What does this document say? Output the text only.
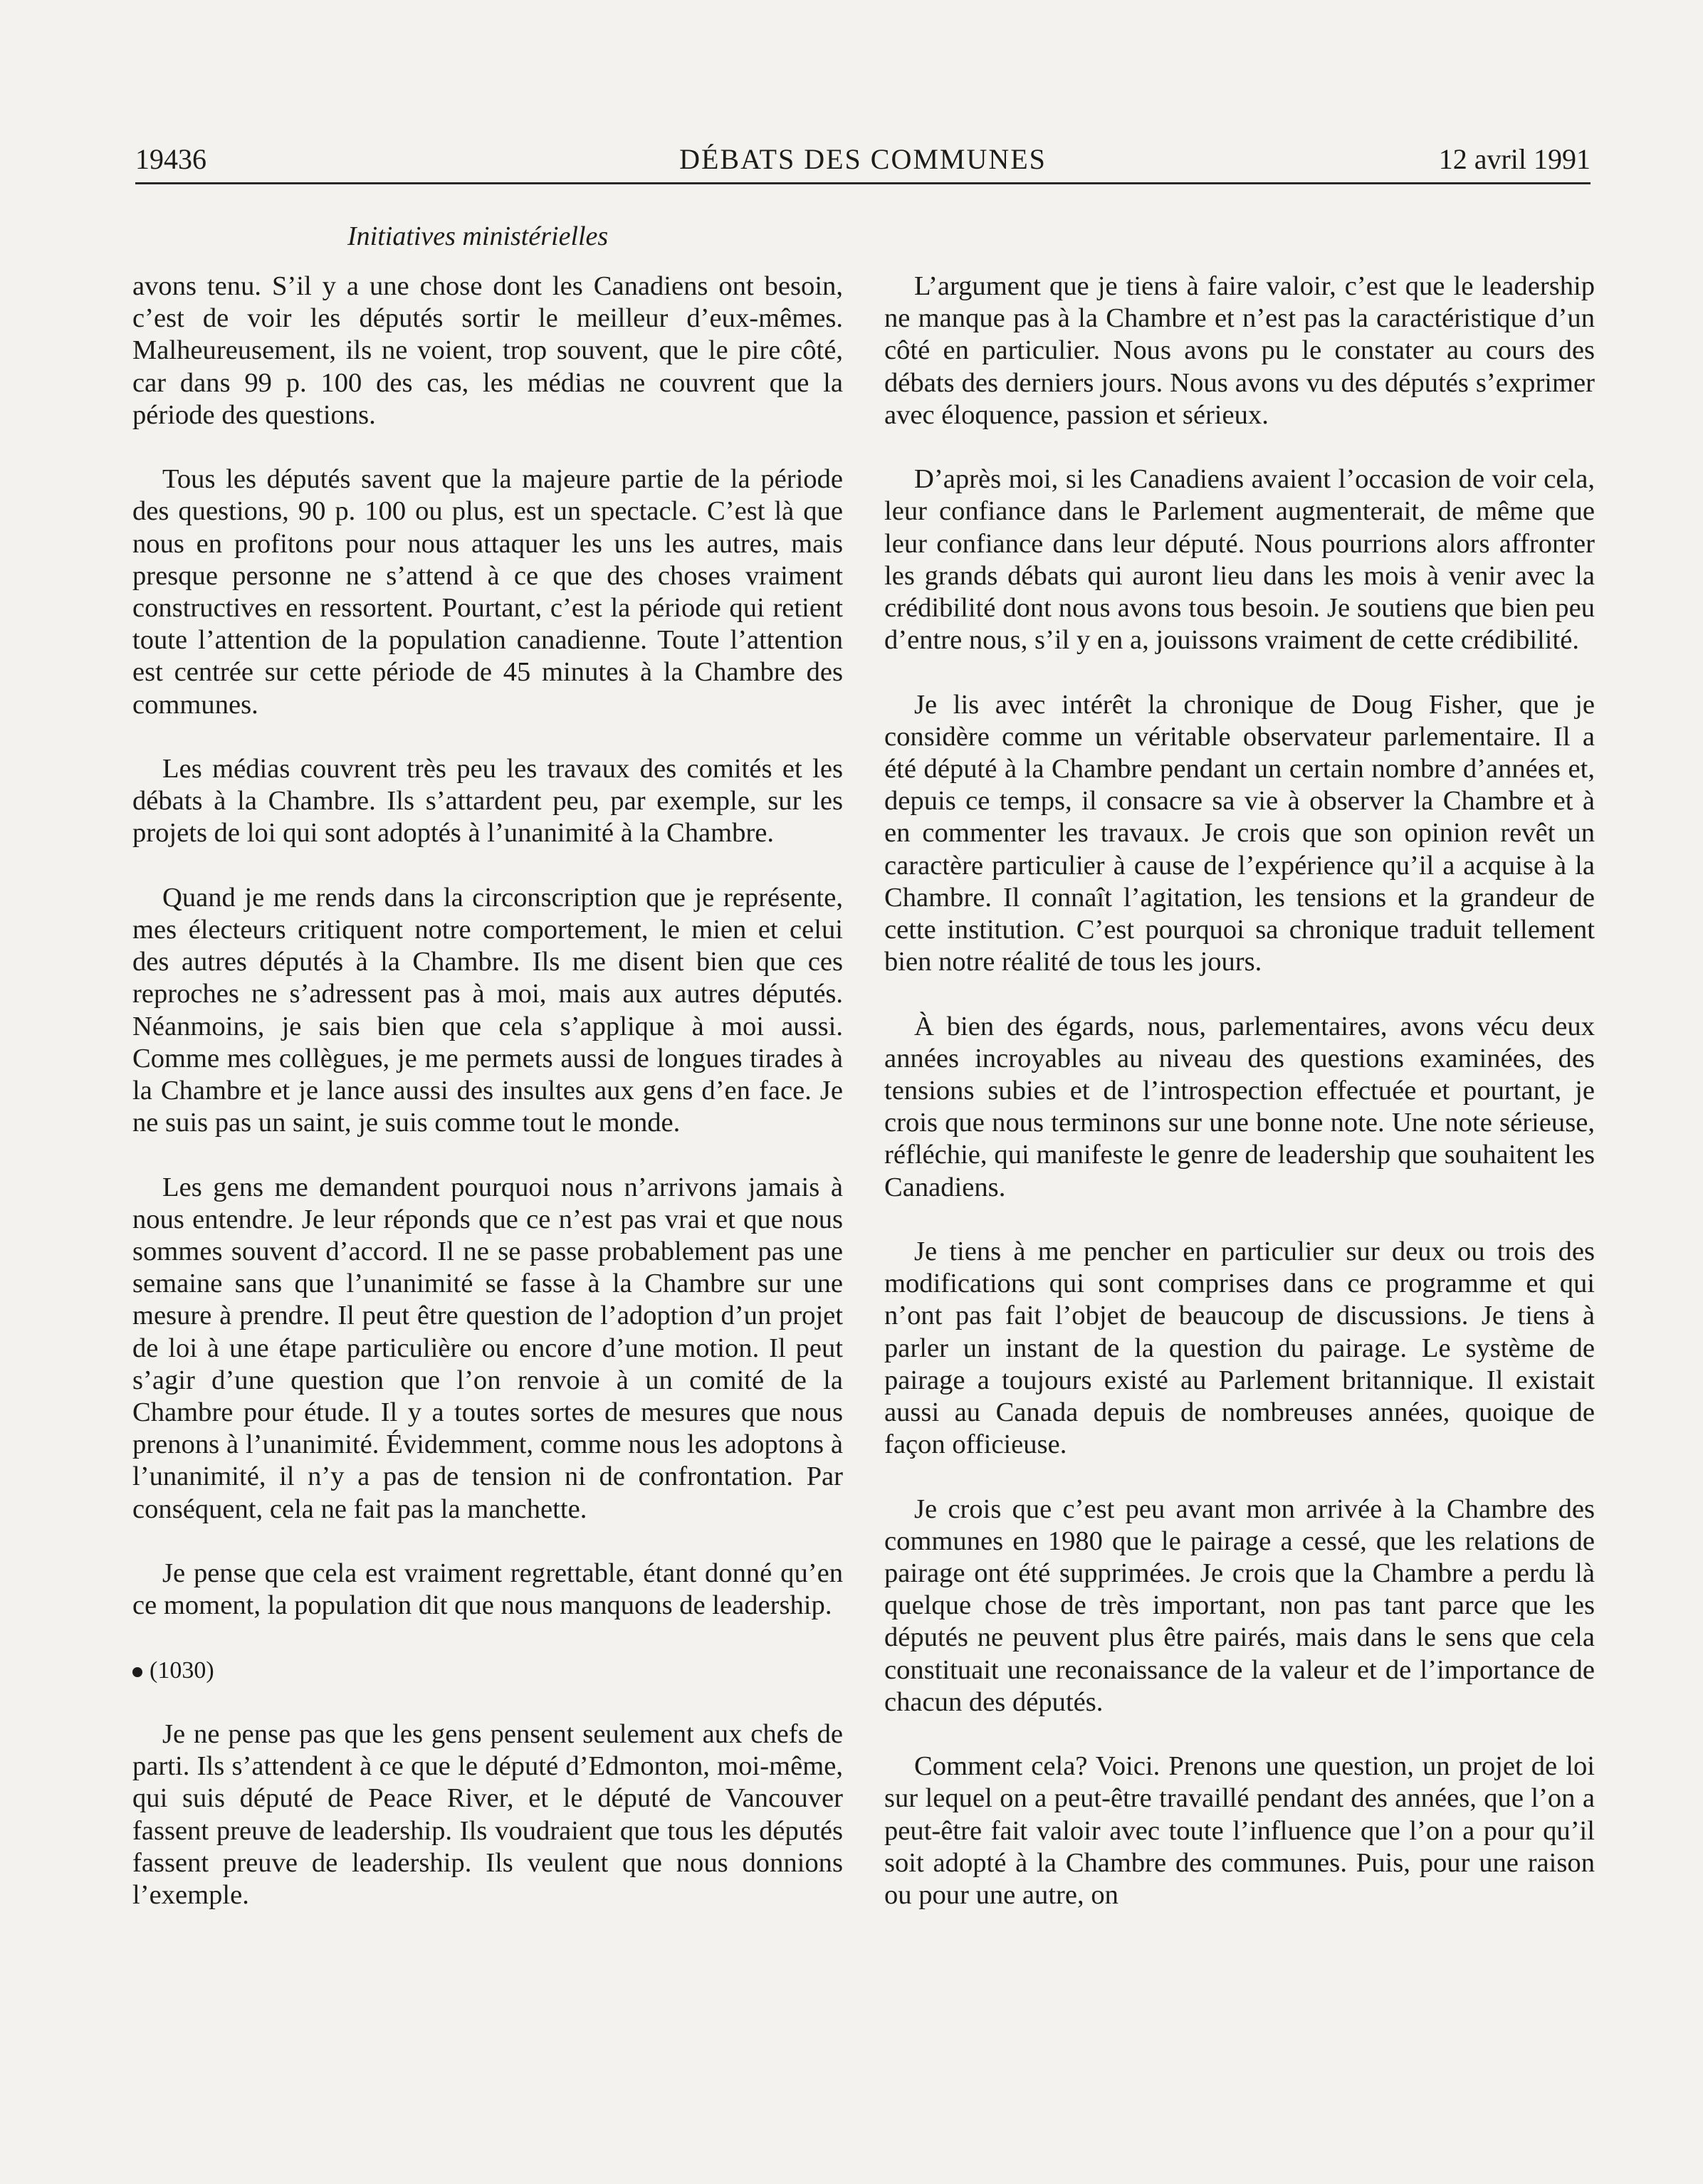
19436	DÉBATS DES COMMUNES	12 avril 1991
Initiatives ministérielles

avons tenu. S’il y a une chose dont les Canadiens ont besoin, c’est de voir les députés sortir le meilleur d’eux-mêmes. Malheureusement, ils ne voient, trop souvent, que le pire côté, car dans 99 p. 100 des cas, les médias ne couvrent que la période des questions.

Tous les députés savent que la majeure partie de la période des questions, 90 p. 100 ou plus, est un spectacle. C’est là que nous en profitons pour nous attaquer les uns les autres, mais presque personne ne s’attend à ce que des choses vraiment constructives en ressortent. Pourtant, c’est la période qui retient toute l’attention de la population canadienne. Toute l’attention est centrée sur cette période de 45 minutes à la Chambre des communes.

Les médias couvrent très peu les travaux des comités et les débats à la Chambre. Ils s’attardent peu, par exemple, sur les projets de loi qui sont adoptés à l’unanimité à la Chambre.

Quand je me rends dans la circonscription que je représente, mes électeurs critiquent notre comportement, le mien et celui des autres députés à la Chambre. Ils me disent bien que ces reproches ne s’adressent pas à moi, mais aux autres députés. Néanmoins, je sais bien que cela s’applique à moi aussi. Comme mes collègues, je me permets aussi de longues tirades à la Chambre et je lance aussi des insultes aux gens d’en face. Je ne suis pas un saint, je suis comme tout le monde.

Les gens me demandent pourquoi nous n’arrivons jamais à nous entendre. Je leur réponds que ce n’est pas vrai et que nous sommes souvent d’accord. Il ne se passe probablement pas une semaine sans que l’unanimité se fasse à la Chambre sur une mesure à prendre. Il peut être question de l’adoption d’un projet de loi à une étape particulière ou encore d’une motion. Il peut s’agir d’une question que l’on renvoie à un comité de la Chambre pour étude. Il y a toutes sortes de mesures que nous prenons à l’unanimité. Évidemment, comme nous les adoptons à l’unanimité, il n’y a pas de tension ni de confrontation. Par conséquent, cela ne fait pas la manchette.

Je pense que cela est vraiment regrettable, étant donné qu’en ce moment, la population dit que nous manquons de leadership.

(1030)

Je ne pense pas que les gens pensent seulement aux chefs de parti. Ils s’attendent à ce que le député d’Edmonton, moi-même, qui suis député de Peace River, et le député de Vancouver fassent preuve de leadership. Ils voudraient que tous les députés fassent preuve de leadership. Ils veulent que nous donnions l’exemple.

L’argument que je tiens à faire valoir, c’est que le leadership ne manque pas à la Chambre et n’est pas la caractéristique d’un côté en particulier. Nous avons pu le constater au cours des débats des derniers jours. Nous avons vu des députés s’exprimer avec éloquence, passion et sérieux.

D’après moi, si les Canadiens avaient l’occasion de voir cela, leur confiance dans le Parlement augmenterait, de même que leur confiance dans leur député. Nous pourrions alors affronter les grands débats qui auront lieu dans les mois à venir avec la crédibilité dont nous avons tous besoin. Je soutiens que bien peu d’entre nous, s’il y en a, jouissons vraiment de cette crédibilité.

Je lis avec intérêt la chronique de Doug Fisher, que je considère comme un véritable observateur parlementaire. Il a été député à la Chambre pendant un certain nombre d’années et, depuis ce temps, il consacre sa vie à observer la Chambre et à en commenter les travaux. Je crois que son opinion revêt un caractère particulier à cause de l’expérience qu’il a acquise à la Chambre. Il connaît l’agitation, les tensions et la grandeur de cette institution. C’est pourquoi sa chronique traduit tellement bien notre réalité de tous les jours.

À bien des égards, nous, parlementaires, avons vécu deux années incroyables au niveau des questions examinées, des tensions subies et de l’introspection effectuée et pourtant, je crois que nous terminons sur une bonne note. Une note sérieuse, réfléchie, qui manifeste le genre de leadership que souhaitent les Canadiens.

Je tiens à me pencher en particulier sur deux ou trois des modifications qui sont comprises dans ce programme et qui n’ont pas fait l’objet de beaucoup de discussions. Je tiens à parler un instant de la question du pairage. Le système de pairage a toujours existé au Parlement britannique. Il existait aussi au Canada depuis de nombreuses années, quoique de façon officieuse.

Je crois que c’est peu avant mon arrivée à la Chambre des communes en 1980 que le pairage a cessé, que les relations de pairage ont été supprimées. Je crois que la Chambre a perdu là quelque chose de très important, non pas tant parce que les députés ne peuvent plus être pairés, mais dans le sens que cela constituait une reconaissance de la valeur et de l’importance de chacun des députés.

Comment cela? Voici. Prenons une question, un projet de loi sur lequel on a peut-être travaillé pendant des années, que l’on a peut-être fait valoir avec toute l’influence que l’on a pour qu’il soit adopté à la Chambre des communes. Puis, pour une raison ou pour une autre, on
